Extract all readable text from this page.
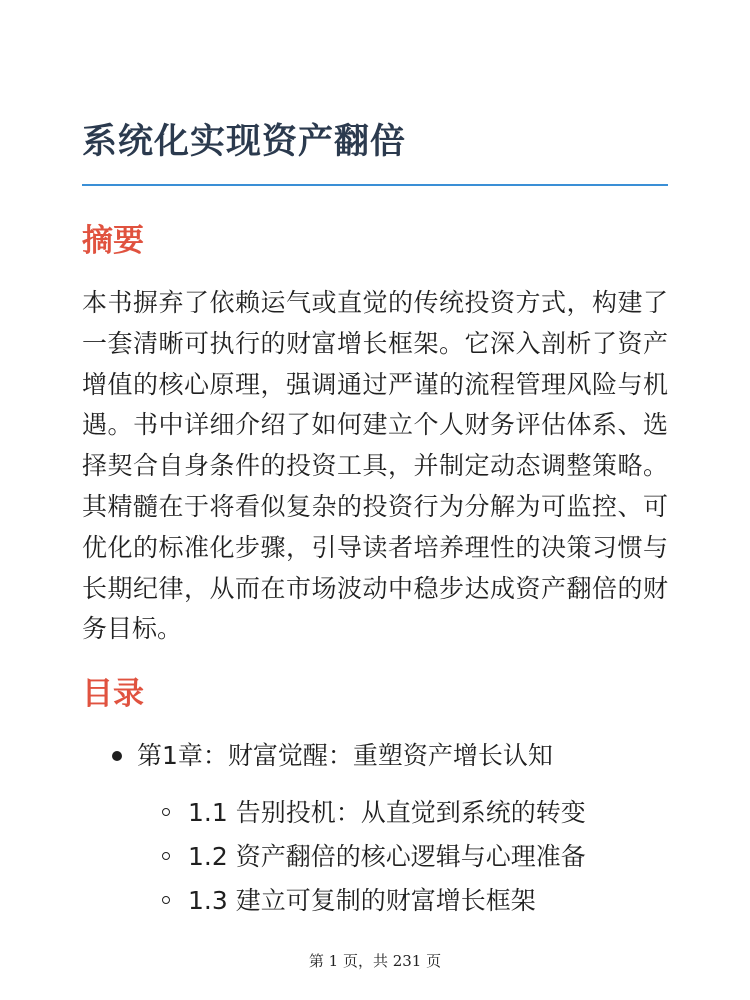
系统化实现资产翻倍
摘要

本书摒弃了依赖运气或直觉的传统投资方式，构建了一套清晰可执行的财富增长框架。它深入剖析了资产增值的核心原理，强调通过严谨的流程管理风险与机遇。书中详细介绍了如何建立个人财务评估体系、选择契合自身条件的投资工具，并制定动态调整策略。其精髓在于将看似复杂的投资行为分解为可监控、可优化的标准化步骤，引导读者培养理性的决策习惯与长期纪律，从而在市场波动中稳步达成资产翻倍的财务目标。

目录
第1章：财富觉醒：重塑资产增长认知
1.1 告别投机：从直觉到系统的转变
1.2 资产翻倍的核心逻辑与心理准备
1.3 建立可复制的财富增长框架
第 1 页，共 231 页
